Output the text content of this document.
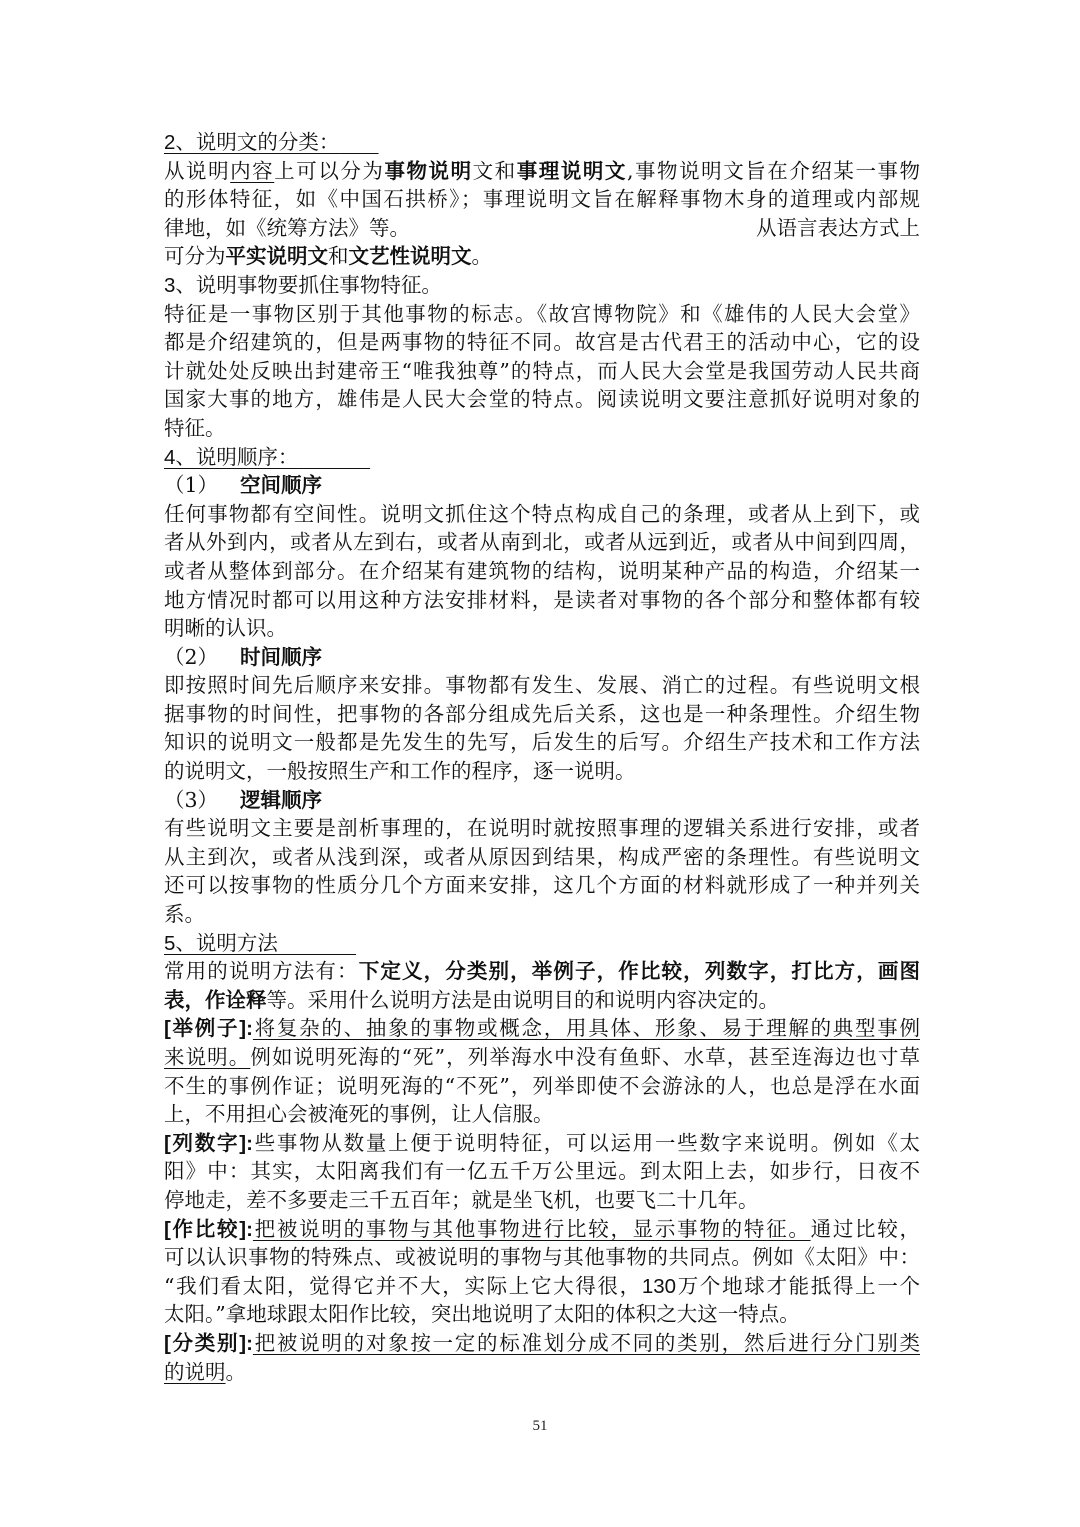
2、说明文的分类：
从说明内容上可以分为事物说明文和事理说明文,事物说明文旨在介绍某一事物
的形体特征，如《中国石拱桥》；事理说明文旨在解释事物木身的道理或内部规
律地，如《统筹方法》等。	从语言表达方式上
可分为平实说明文和文艺性说明文。
3、说明事物要抓住事物特征。
特征是一事物区别于其他事物的标志。《故宫博物院》和《雄伟的人民大会堂》
都是介绍建筑的，但是两事物的特征不同。故宫是古代君王的活动中心，它的设
计就处处反映出封建帝王“唯我独尊”的特点，而人民大会堂是我国劳动人民共商
国家大事的地方，雄伟是人民大会堂的特点。阅读说明文要注意抓好说明对象的
特征。
4、说明顺序：
（1） 空间顺序
任何事物都有空间性。说明文抓住这个特点构成自己的条理，或者从上到下，或
者从外到内，或者从左到右，或者从南到北，或者从远到近，或者从中间到四周，
或者从整体到部分。在介绍某有建筑物的结构，说明某种产品的构造，介绍某一
地方情况时都可以用这种方法安排材料，是读者对事物的各个部分和整体都有较
明晰的认识。
（2） 时间顺序
即按照时间先后顺序来安排。事物都有发生、发展、消亡的过程。有些说明文根
据事物的时间性，把事物的各部分组成先后关系，这也是一种条理性。介绍生物
知识的说明文一般都是先发生的先写，后发生的后写。介绍生产技术和工作方法
的说明文，一般按照生产和工作的程序，逐一说明。
（3） 逻辑顺序
有些说明文主要是剖析事理的，在说明时就按照事理的逻辑关系进行安排，或者
从主到次，或者从浅到深，或者从原因到结果，构成严密的条理性。有些说明文
还可以按事物的性质分几个方面来安排，这几个方面的材料就形成了一种并列关
系。
5、说明方法
常用的说明方法有：下定义，分类别，举例子，作比较，列数字，打比方，画图
表，作诠释等。采用什么说明方法是由说明目的和说明内容决定的。
[举例子]:将复杂的、抽象的事物或概念，用具体、形象、易于理解的典型事例
来说明。例如说明死海的“死”，列举海水中没有鱼虾、水草，甚至连海边也寸草
不生的事例作证；说明死海的“不死”，列举即使不会游泳的人，也总是浮在水面
上，不用担心会被淹死的事例，让人信服。
[列数字]:些事物从数量上便于说明特征，可以运用一些数字来说明。例如《太
阳》中：其实，太阳离我们有一亿五千万公里远。到太阳上去，如步行，日夜不
停地走，差不多要走三千五百年；就是坐飞机，也要飞二十几年。
[作比较]:把被说明的事物与其他事物进行比较，显示事物的特征。通过比较，
可以认识事物的特殊点、或被说明的事物与其他事物的共同点。例如《太阳》中：
“我们看太阳，觉得它并不大，实际上它大得很，130万个地球才能抵得上一个
太阳。”拿地球跟太阳作比较，突出地说明了太阳的体积之大这一特点。
[分类别]:把被说明的对象按一定的标准划分成不同的类别，然后进行分门别类
的说明。
51
